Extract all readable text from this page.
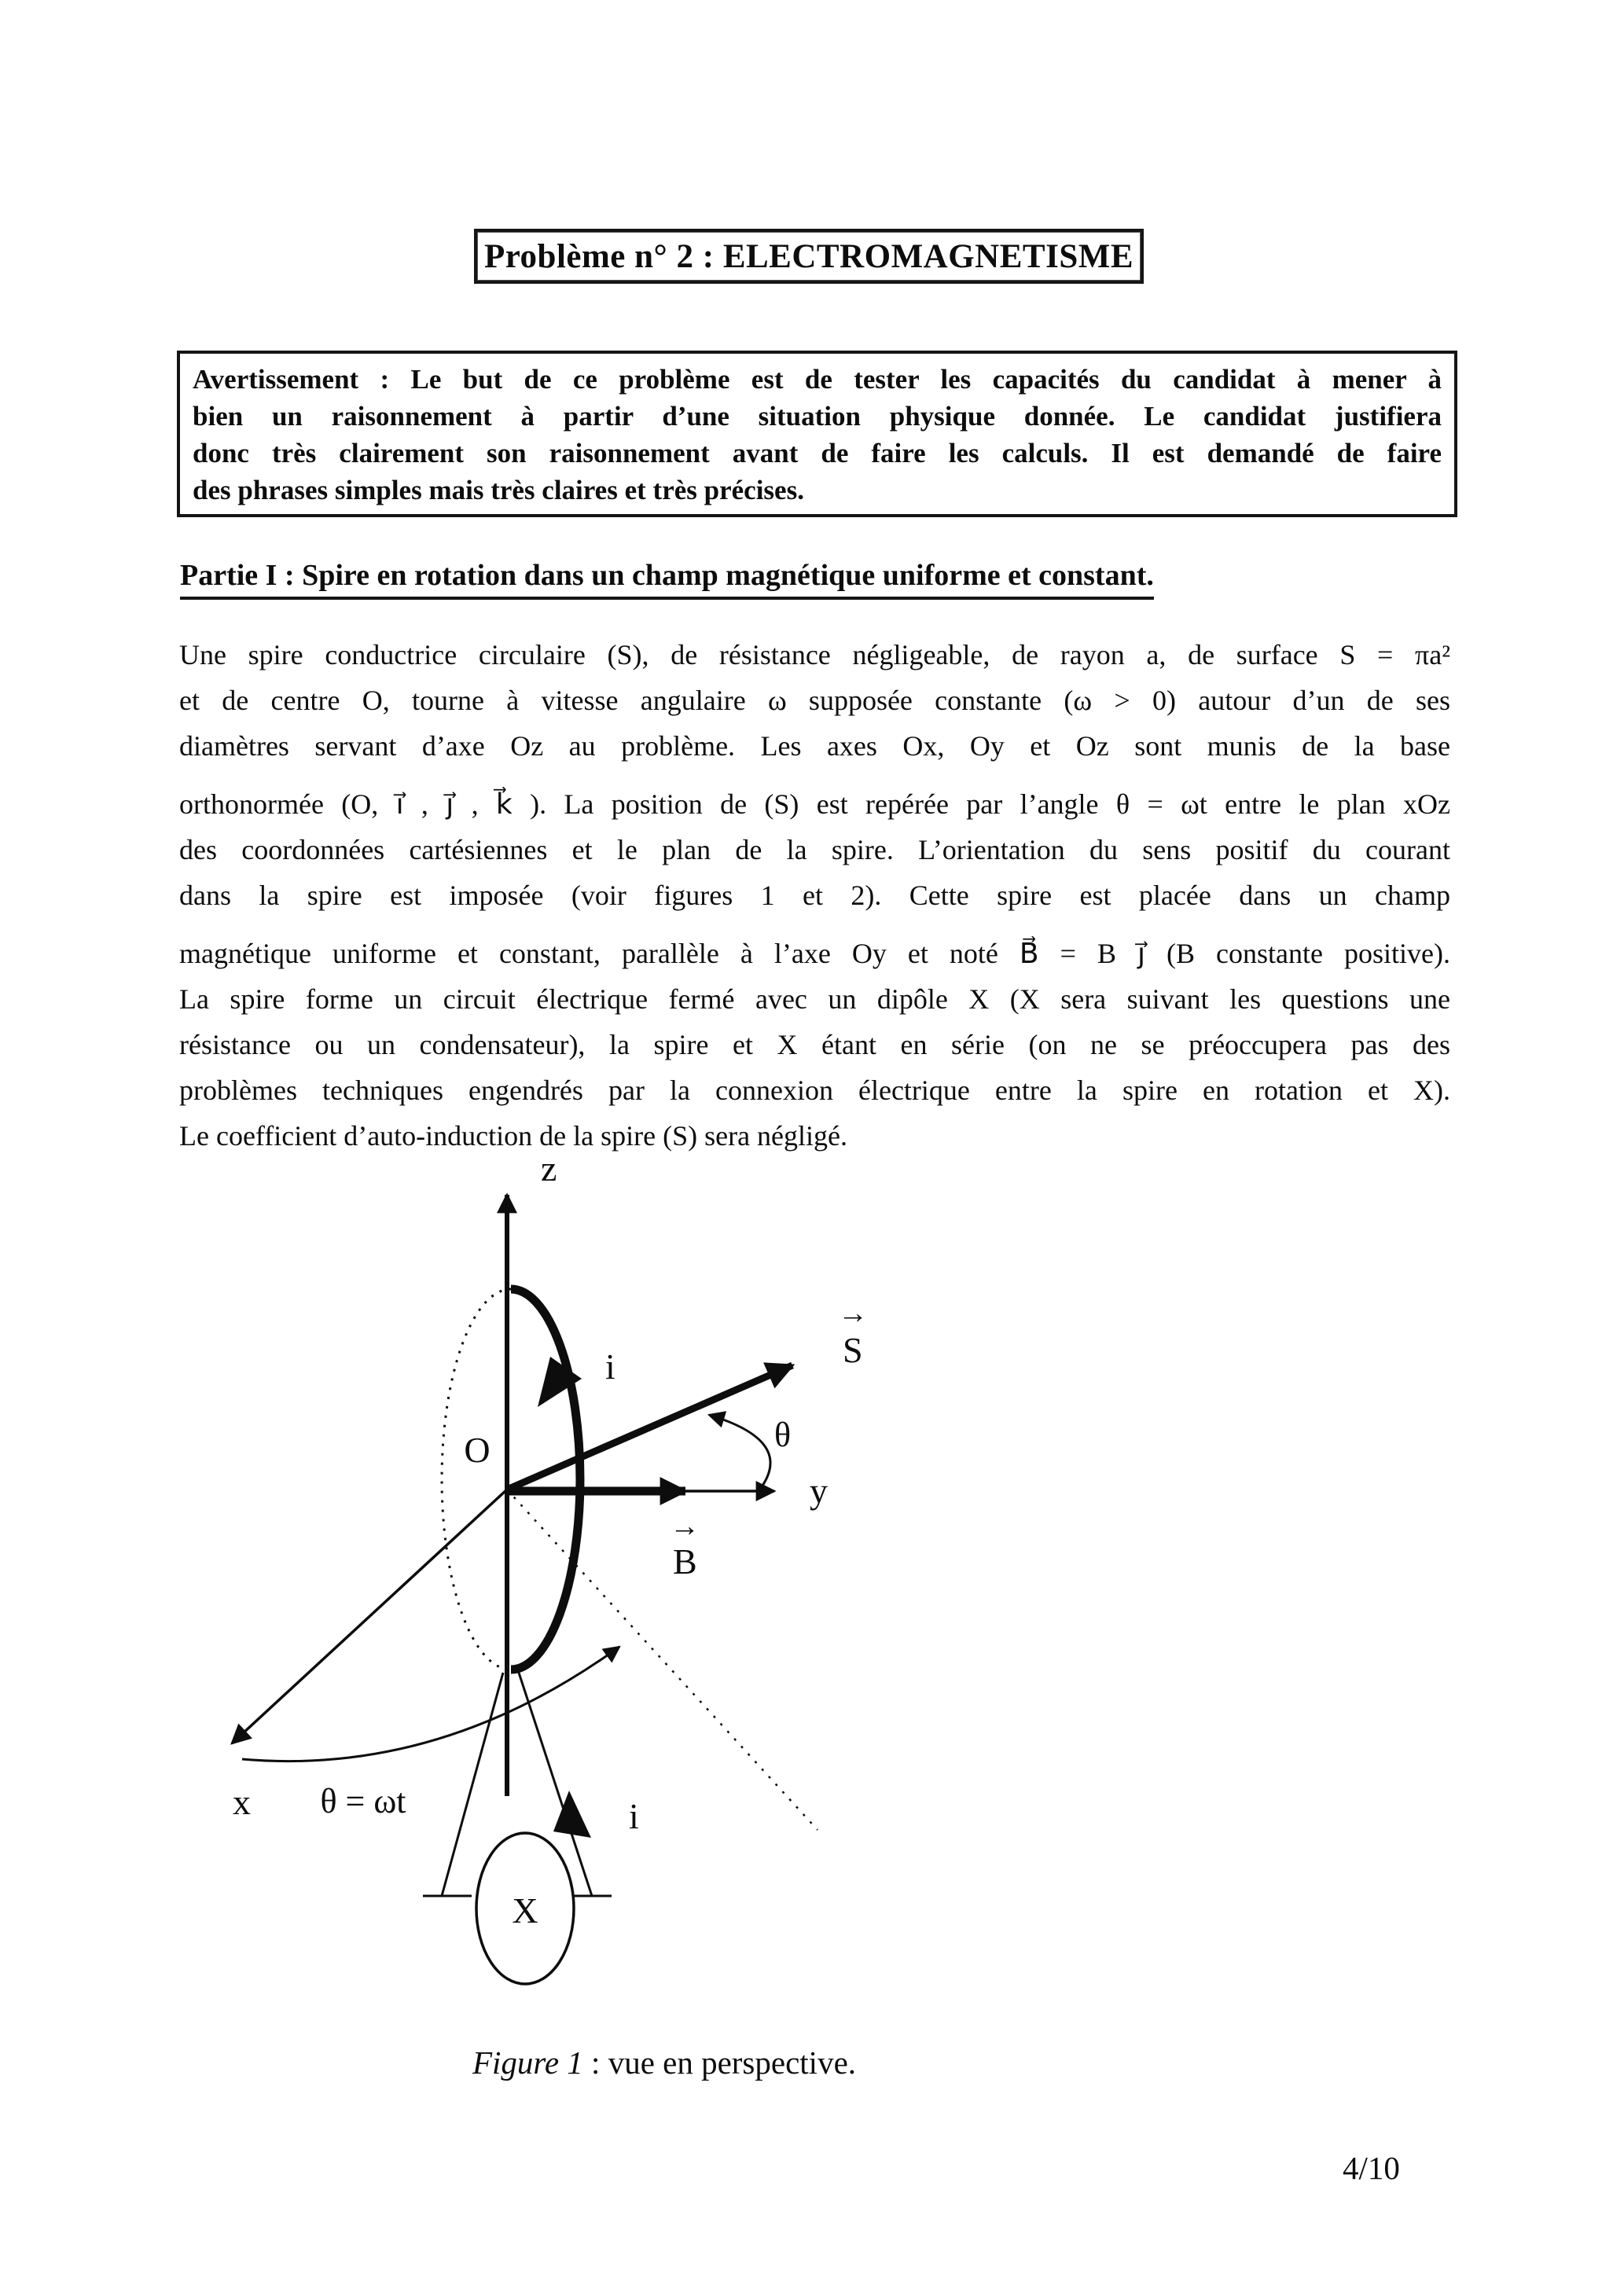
Problème n° 2 : ELECTROMAGNETISME
Avertissement : Le but de ce problème est de tester les capacités du candidat à mener à
bien un raisonnement à partir d’une situation physique donnée. Le candidat justifiera
donc très clairement son raisonnement avant de faire les calculs. Il est demandé de faire
des phrases simples mais très claires et très précises.
Partie I : Spire en rotation dans un champ magnétique uniforme et constant.
Une spire conductrice circulaire (S), de résistance négligeable, de rayon a, de surface S = πa²
et de centre O, tourne à vitesse angulaire ω supposée constante (ω > 0) autour d’un de ses
diamètres servant d’axe Oz au problème. Les axes Ox, Oy et Oz sont munis de la base
orthonormée (O, i⃗ , j⃗ , k⃗ ). La position de (S) est repérée par l’angle θ = ωt entre le plan xOz
des coordonnées cartésiennes et le plan de la spire. L’orientation du sens positif du courant
dans la spire est imposée (voir figures 1 et 2). Cette spire est placée dans un champ
magnétique uniforme et constant, parallèle à l’axe Oy et noté B⃗ = B j⃗ (B constante positive).
La spire forme un circuit électrique fermé avec un dipôle X (X sera suivant les questions une
résistance ou un condensateur), la spire et X étant en série (on ne se préoccupera pas des
problèmes techniques engendrés par la connexion électrique entre la spire en rotation et X).
Le coefficient d’auto-induction de la spire (S) sera négligé.
z
y
x
O
→
S
→
B
i
i
θ
θ = ωt
X
Figure 1 : vue en perspective.
4/10
